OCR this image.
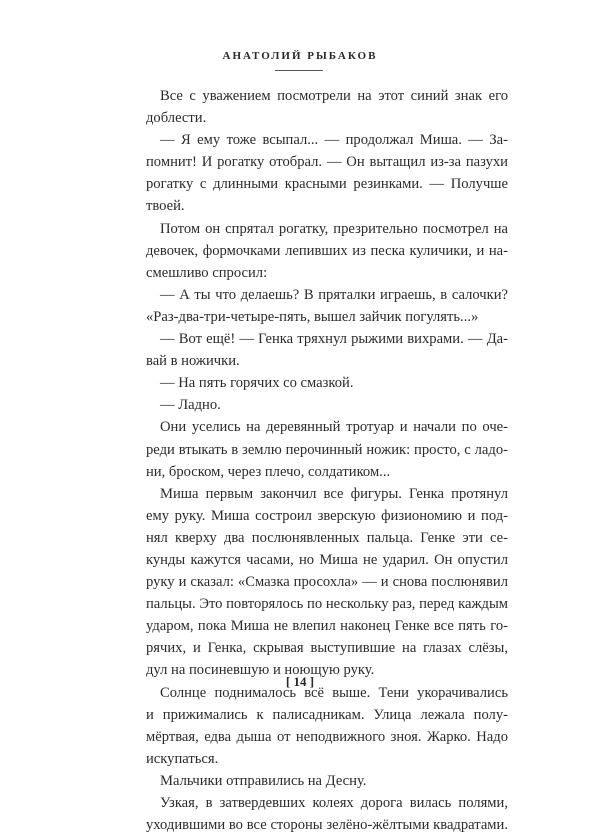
АНАТОЛИЙ РЫБАКОВ
Все с уважением посмотрели на этот синий знак его
доблести.
— Я ему тоже всыпал... — продолжал Миша. — За-
помнит! И рогатку отобрал. — Он вытащил из-за пазухи
рогатку с длинными красными резинками. — Получше
твоей.
Потом он спрятал рогатку, презрительно посмотрел на
девочек, формочками лепивших из песка куличики, и на-
смешливо спросил:
— А ты что делаешь? В пряталки играешь, в салочки?
«Раз-два-три-четыре-пять, вышел зайчик погулять...»
— Вот ещё! — Генка тряхнул рыжими вихрами. — Да-
вай в ножички.
— На пять горячих со смазкой.
— Ладно.
Они уселись на деревянный тротуар и начали по оче-
реди втыкать в землю перочинный ножик: просто, с ладо-
ни, броском, через плечо, солдатиком...
Миша первым закончил все фигуры. Генка протянул
ему руку. Миша состроил зверскую физиономию и под-
нял кверху два послюнявленных пальца. Генке эти се-
кунды кажутся часами, но Миша не ударил. Он опустил
руку и сказал: «Смазка просохла» — и снова послюнявил
пальцы. Это повторялось по нескольку раз, перед каждым
ударом, пока Миша не влепил наконец Генке все пять го-
рячих, и Генка, скрывая выступившие на глазах слёзы,
дул на посиневшую и ноющую руку.
Солнце поднималось всё выше. Тени укорачивались
и прижимались к палисадникам. Улица лежала полу-
мёртвая, едва дыша от неподвижного зноя. Жарко. Надо
искупаться.
Мальчики отправились на Десну.
Узкая, в затвердевших колеях дорога вилась полями,
уходившими во все стороны зелёно-жёлтыми квадратами.
[ 14 ]
